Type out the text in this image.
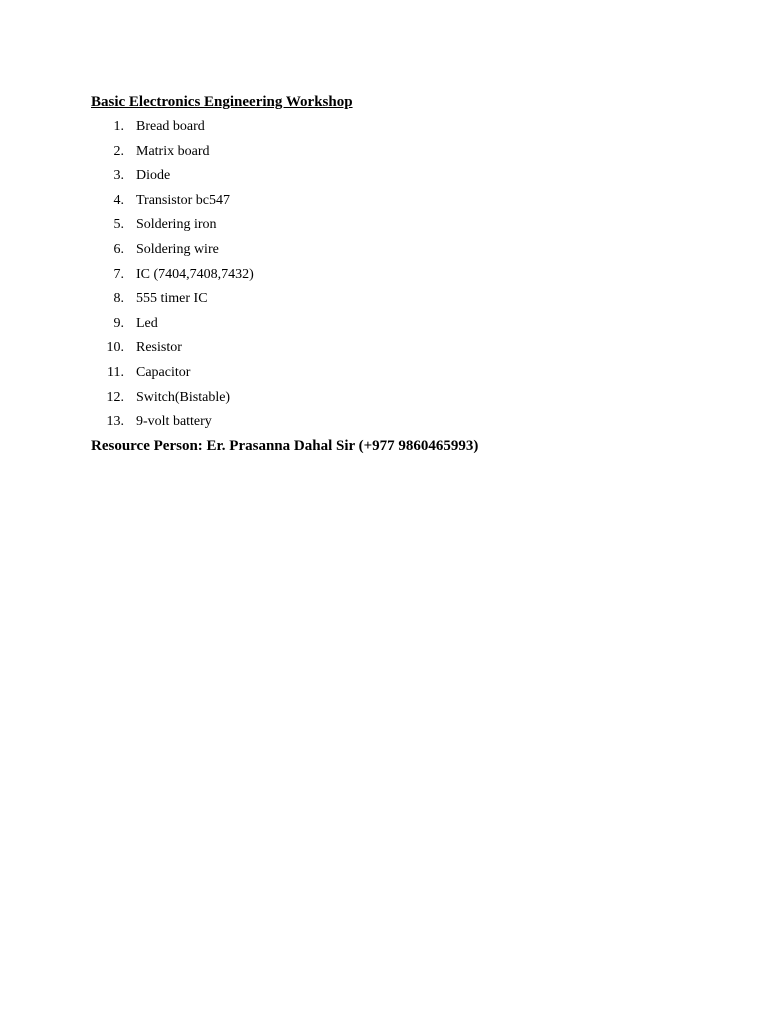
Basic Electronics Engineering Workshop
1. Bread board
2. Matrix board
3. Diode
4. Transistor bc547
5. Soldering iron
6. Soldering wire
7. IC (7404,7408,7432)
8. 555 timer IC
9. Led
10. Resistor
11. Capacitor
12. Switch(Bistable)
13. 9-volt battery
Resource Person: Er. Prasanna Dahal Sir (+977 9860465993)
